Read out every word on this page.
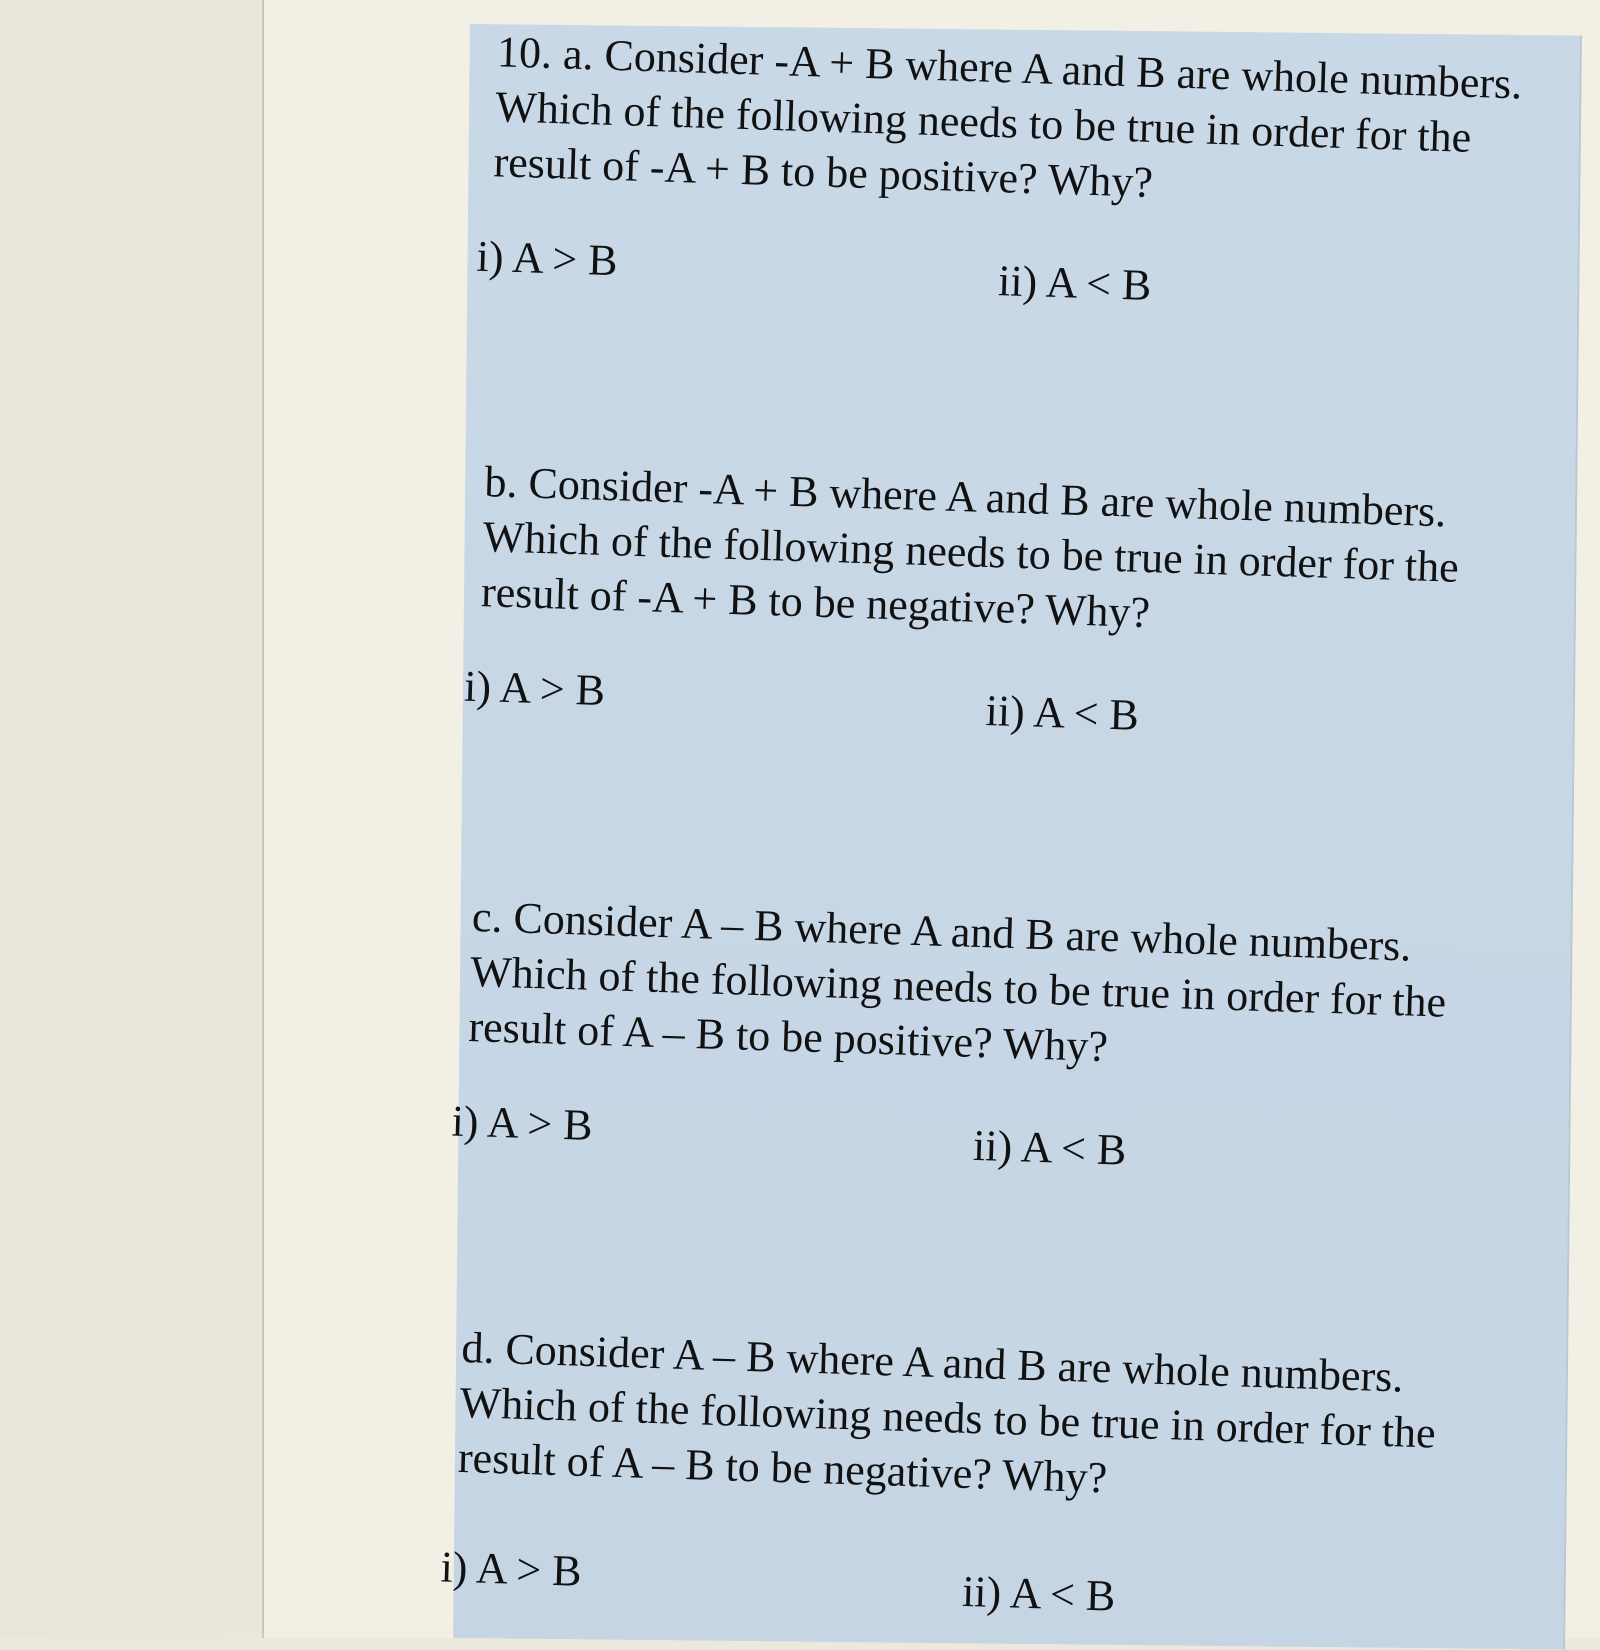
10. a. Consider -A + B where A and B are whole numbers. Which of the following needs to be true in order for the result of -A + B to be positive? Why?
i) A > B	ii) A < B
b. Consider -A + B where A and B are whole numbers. Which of the following needs to be true in order for the result of -A + B to be negative? Why?
i) A > B	ii) A < B
c. Consider A – B where A and B are whole numbers. Which of the following needs to be true in order for the result of A – B to be positive? Why?
i) A > B	ii) A < B
d. Consider A – B where A and B are whole numbers. Which of the following needs to be true in order for the result of A – B to be negative? Why?
i) A > B	ii) A < B
